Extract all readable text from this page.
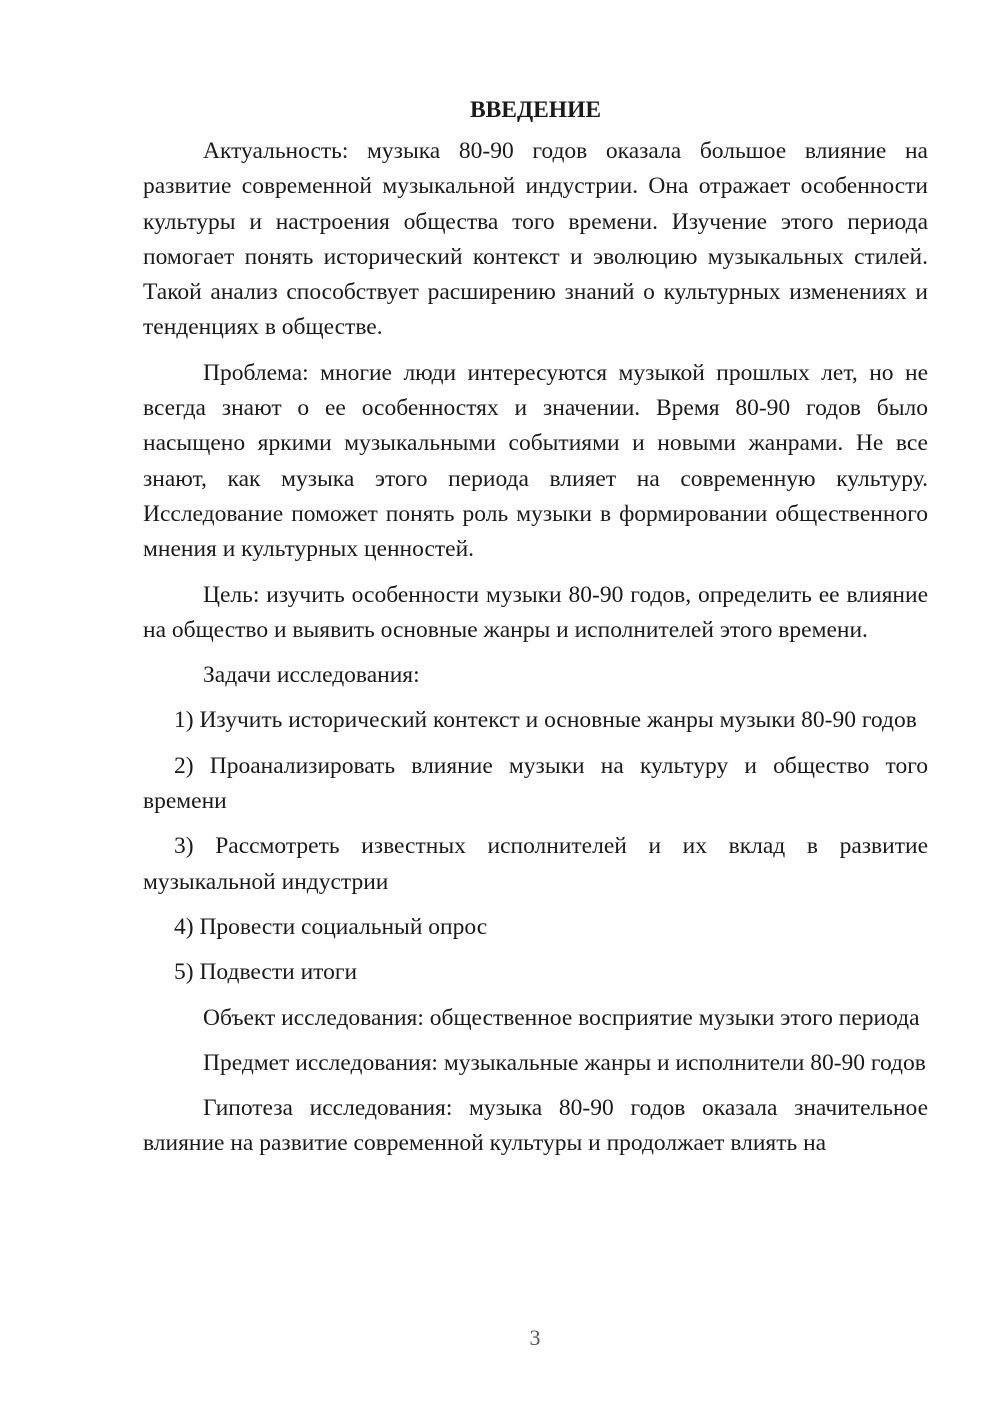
ВВЕДЕНИЕ

Актуальность: музыка 80-90 годов оказала большое влияние на развитие современной музыкальной индустрии. Она отражает особенности культуры и настроения общества того времени. Изучение этого периода помогает понять исторический контекст и эволюцию музыкальных стилей. Такой анализ способствует расширению знаний о культурных изменениях и тенденциях в обществе.

Проблема: многие люди интересуются музыкой прошлых лет, но не всегда знают о ее особенностях и значении. Время 80-90 годов было насыщено яркими музыкальными событиями и новыми жанрами. Не все знают, как музыка этого периода влияет на современную культуру. Исследование поможет понять роль музыки в формировании общественного мнения и культурных ценностей.

Цель: изучить особенности музыки 80-90 годов, определить ее влияние на общество и выявить основные жанры и исполнителей этого времени.

Задачи исследования:

1) Изучить исторический контекст и основные жанры музыки 80-90 годов

2) Проанализировать влияние музыки на культуру и общество того времени

3) Рассмотреть известных исполнителей и их вклад в развитие музыкальной индустрии

4) Провести социальный опрос

5) Подвести итоги

Объект исследования: общественное восприятие музыки этого периода

Предмет исследования: музыкальные жанры и исполнители 80-90 годов

Гипотеза исследования: музыка 80-90 годов оказала значительное влияние на развитие современной культуры и продолжает влиять на

3
